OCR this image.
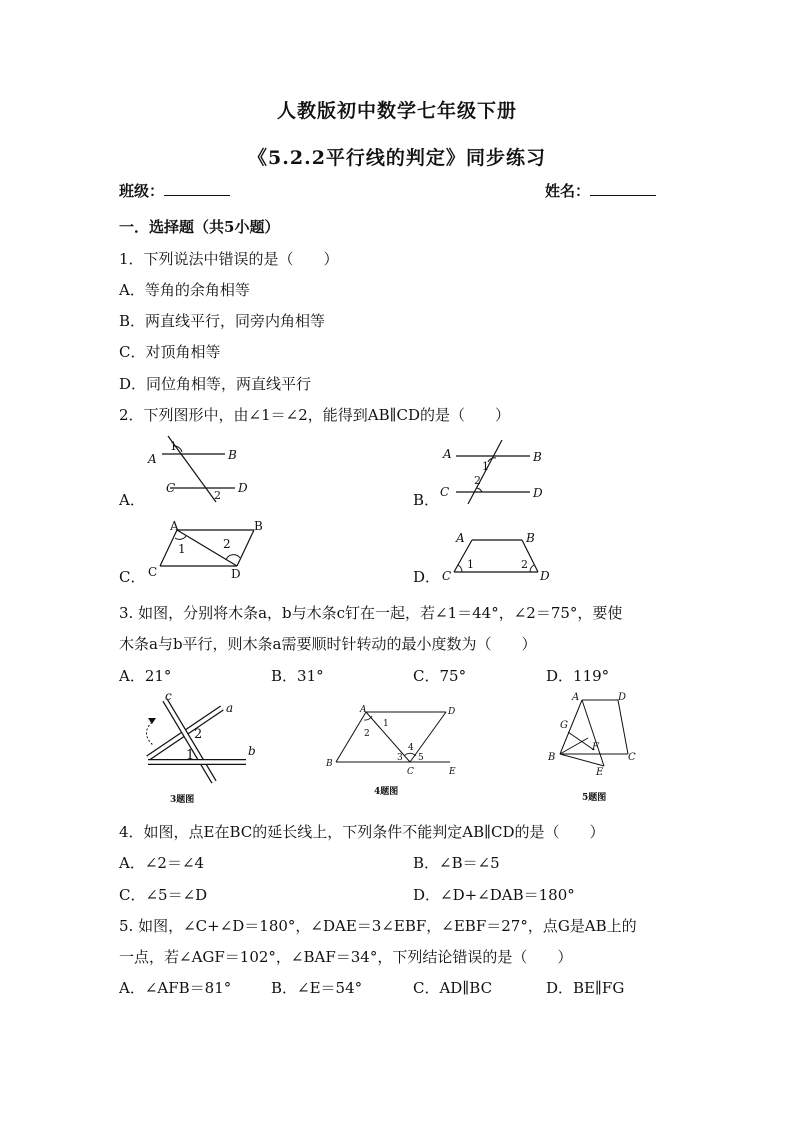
人教版初中数学七年级下册
《5.2.2平行线的判定》同步练习
班级：	姓名：
一．选择题（共5小题）
1．下列说法中错误的是（　　）
A．等角的余角相等
B．两直线平行，同旁内角相等
C．对顶角相等
D．同位角相等，两直线平行
2．下列图形中，由∠1＝∠2，能得到AB∥CD的是（　　）
A．
1
A	B
C	D
2	B．
A	B
1
2
C	D
C．
A	B
1	2
C	D	D．
A	B
1	2
C	D
3. 如图，分别将木条a，b与木条c钉在一起，若∠1＝44°，∠2＝75°，要使
木条a与b平行，则木条a需要顺时针转动的最小度数为（　　）
A．21°	B．31°	C．75°	D．119°
c
a
b
2
1
3题图
A	D
1
2
3
4
5
B
C	E
4题图
A	D
G
F
B	C
E
5题图
4．如图，点E在BC的延长线上，下列条件不能判定AB∥CD的是（　　）
A．∠2＝∠4	B．∠B＝∠5
C．∠5＝∠D	D．∠D+∠DAB＝180°
5. 如图，∠C+∠D＝180°，∠DAE＝3∠EBF，∠EBF＝27°，点G是AB上的
一点，若∠AGF＝102°，∠BAF＝34°，下列结论错误的是（　　）
A．∠AFB＝81°	B．∠E＝54°	C．AD∥BC	D．BE∥FG
